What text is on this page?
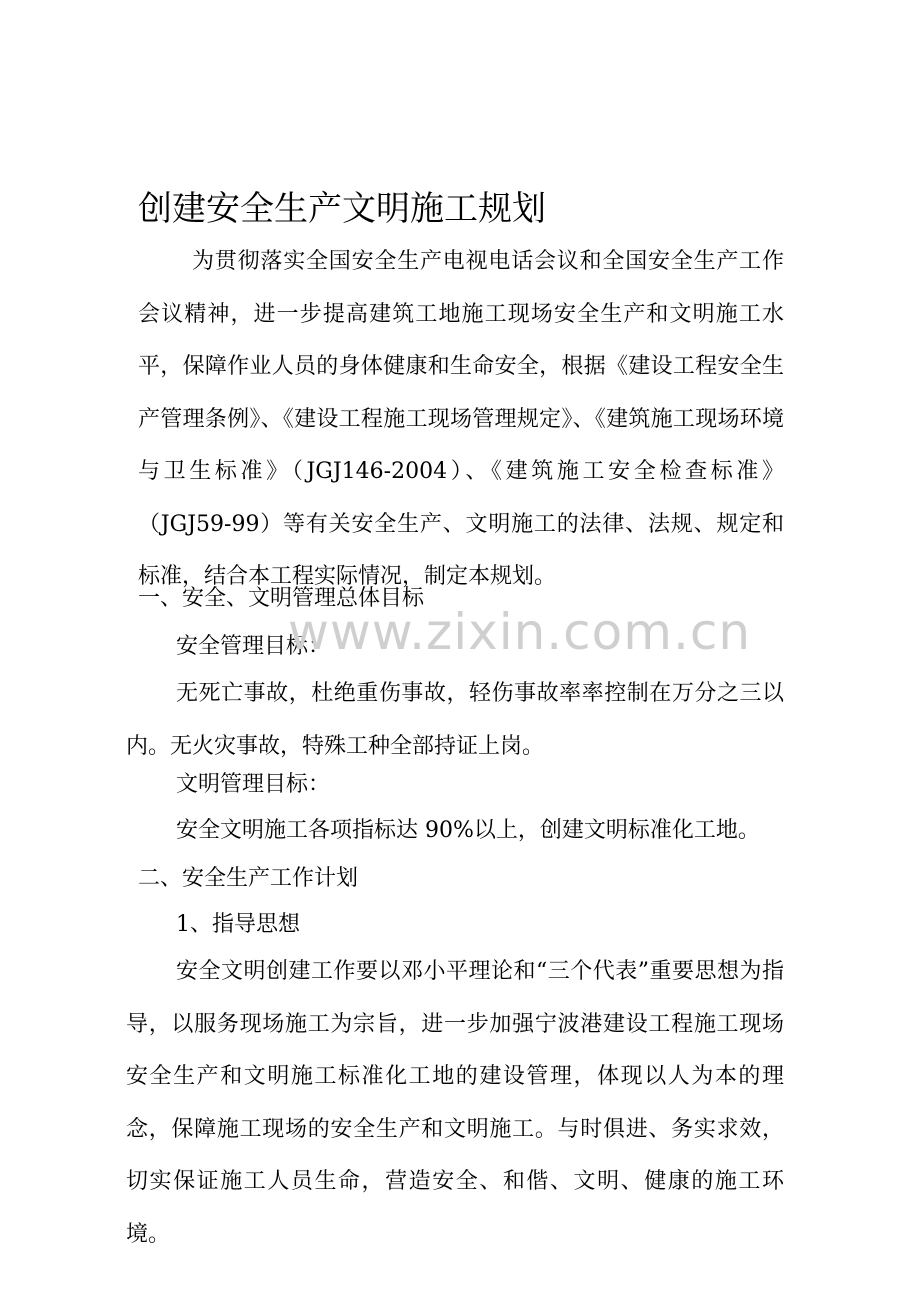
创建安全生产文明施工规划
为贯彻落实全国安全生产电视电话会议和全国安全生产工作会议精神，进一步提高建筑工地施工现场安全生产和文明施工水平，保障作业人员的身体健康和生命安全，根据《建设工程安全生产管理条例》、《建设工程施工现场管理规定》、《建筑施工现场环境与卫生标准》（JGJ146-2004）、《建筑施工安全检查标准》（JGJ59-99）等有关安全生产、文明施工的法律、法规、规定和标准，结合本工程实际情况，制定本规划。
一、安全、文明管理总体目标
安全管理目标：
无死亡事故，杜绝重伤事故，轻伤事故率率控制在万分之三以内。无火灾事故，特殊工种全部持证上岗。
文明管理目标：
安全文明施工各项指标达 90%以上，创建文明标准化工地。
二、安全生产工作计划
1、指导思想
安全文明创建工作要以邓小平理论和“三个代表”重要思想为指导，以服务现场施工为宗旨，进一步加强宁波港建设工程施工现场安全生产和文明施工标准化工地的建设管理，体现以人为本的理念，保障施工现场的安全生产和文明施工。与时俱进、务实求效，切实保证施工人员生命，营造安全、和偕、文明、健康的施工环境。
www.zixin.com.cn
